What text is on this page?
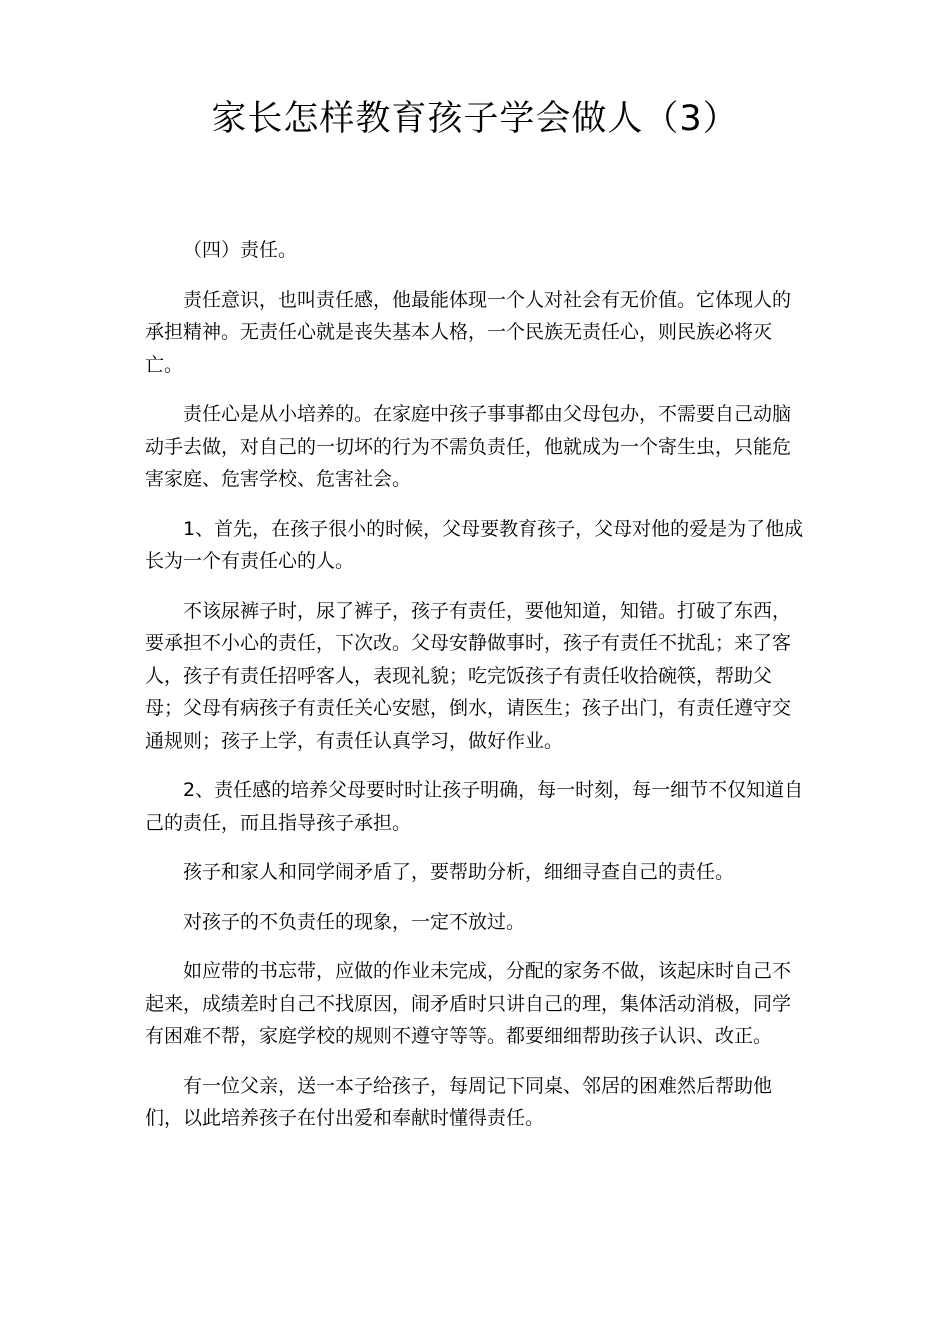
家长怎样教育孩子学会做人（3）

（四）责任。

责任意识，也叫责任感，他最能体现一个人对社会有无价值。它体现人的承担精神。无责任心就是丧失基本人格，一个民族无责任心，则民族必将灭亡。

责任心是从小培养的。在家庭中孩子事事都由父母包办，不需要自己动脑动手去做，对自己的一切坏的行为不需负责任，他就成为一个寄生虫，只能危害家庭、危害学校、危害社会。

1、首先，在孩子很小的时候，父母要教育孩子，父母对他的爱是为了他成长为一个有责任心的人。

不该尿裤子时，尿了裤子，孩子有责任，要他知道，知错。打破了东西，要承担不小心的责任，下次改。父母安静做事时，孩子有责任不扰乱；来了客人，孩子有责任招呼客人，表现礼貌；吃完饭孩子有责任收拾碗筷，帮助父母；父母有病孩子有责任关心安慰，倒水，请医生；孩子出门，有责任遵守交通规则；孩子上学，有责任认真学习，做好作业。

2、责任感的培养父母要时时让孩子明确，每一时刻，每一细节不仅知道自己的责任，而且指导孩子承担。

孩子和家人和同学闹矛盾了，要帮助分析，细细寻查自己的责任。

对孩子的不负责任的现象，一定不放过。

如应带的书忘带，应做的作业未完成，分配的家务不做，该起床时自己不起来，成绩差时自己不找原因，闹矛盾时只讲自己的理，集体活动消极，同学有困难不帮，家庭学校的规则不遵守等等。都要细细帮助孩子认识、改正。

有一位父亲，送一本子给孩子，每周记下同桌、邻居的困难然后帮助他们，以此培养孩子在付出爱和奉献时懂得责任。
